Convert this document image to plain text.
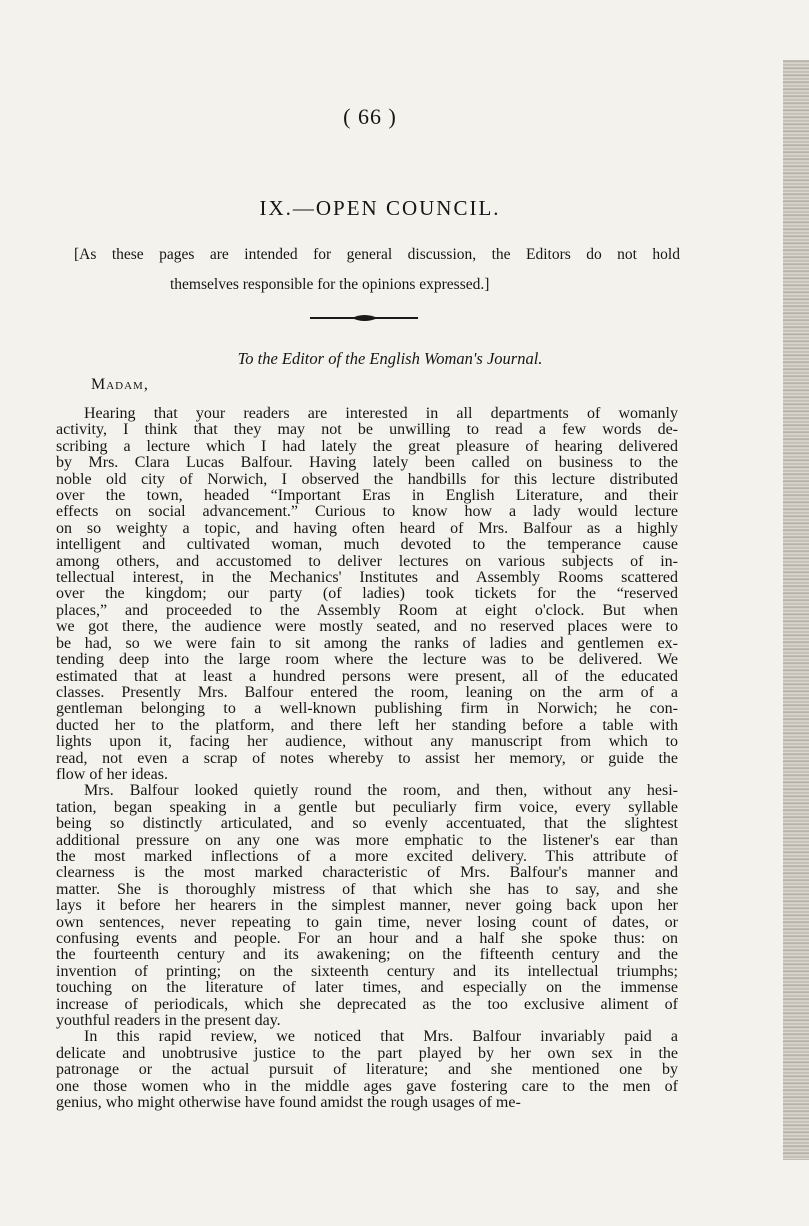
( 66 )
IX.—OPEN COUNCIL.
[As these pages are intended for general discussion, the Editors do not hold
themselves responsible for the opinions expressed.]
To the Editor of the English Woman's Journal.
Madam,
Hearing that your readers are interested in all departments of womanly
activity, I think that they may not be unwilling to read a few words de-
scribing a lecture which I had lately the great pleasure of hearing delivered
by Mrs. Clara Lucas Balfour. Having lately been called on business to the
noble old city of Norwich, I observed the handbills for this lecture distributed
over the town, headed “Important Eras in English Literature, and their
effects on social advancement.” Curious to know how a lady would lecture
on so weighty a topic, and having often heard of Mrs. Balfour as a highly
intelligent and cultivated woman, much devoted to the temperance cause
among others, and accustomed to deliver lectures on various subjects of in-
tellectual interest, in the Mechanics' Institutes and Assembly Rooms scattered
over the kingdom; our party (of ladies) took tickets for the “reserved
places,” and proceeded to the Assembly Room at eight o'clock. But when
we got there, the audience were mostly seated, and no reserved places were to
be had, so we were fain to sit among the ranks of ladies and gentlemen ex-
tending deep into the large room where the lecture was to be delivered. We
estimated that at least a hundred persons were present, all of the educated
classes. Presently Mrs. Balfour entered the room, leaning on the arm of a
gentleman belonging to a well-known publishing firm in Norwich; he con-
ducted her to the platform, and there left her standing before a table with
lights upon it, facing her audience, without any manuscript from which to
read, not even a scrap of notes whereby to assist her memory, or guide the
flow of her ideas.
Mrs. Balfour looked quietly round the room, and then, without any hesi-
tation, began speaking in a gentle but peculiarly firm voice, every syllable
being so distinctly articulated, and so evenly accentuated, that the slightest
additional pressure on any one was more emphatic to the listener's ear than
the most marked inflections of a more excited delivery. This attribute of
clearness is the most marked characteristic of Mrs. Balfour's manner and
matter. She is thoroughly mistress of that which she has to say, and she
lays it before her hearers in the simplest manner, never going back upon her
own sentences, never repeating to gain time, never losing count of dates, or
confusing events and people. For an hour and a half she spoke thus: on
the fourteenth century and its awakening; on the fifteenth century and the
invention of printing; on the sixteenth century and its intellectual triumphs;
touching on the literature of later times, and especially on the immense
increase of periodicals, which she deprecated as the too exclusive aliment of
youthful readers in the present day.
In this rapid review, we noticed that Mrs. Balfour invariably paid a
delicate and unobtrusive justice to the part played by her own sex in the
patronage or the actual pursuit of literature; and she mentioned one by
one those women who in the middle ages gave fostering care to the men of
genius, who might otherwise have found amidst the rough usages of me-
